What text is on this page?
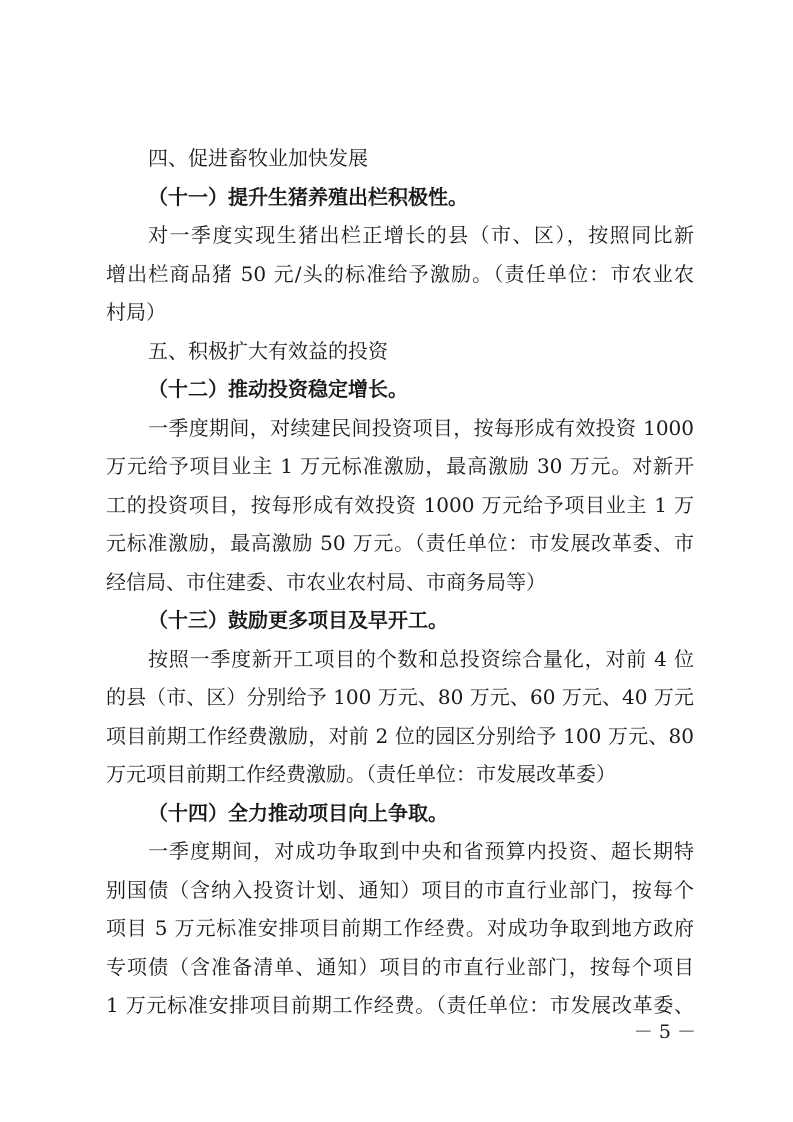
四、促进畜牧业加快发展
（十一）提升生猪养殖出栏积极性。
对一季度实现生猪出栏正增长的县（市、区），按照同比新
增出栏商品猪 50 元/头的标准给予激励。（责任单位：市农业农
村局）
五、积极扩大有效益的投资
（十二）推动投资稳定增长。
一季度期间，对续建民间投资项目，按每形成有效投资 1000
万元给予项目业主 1 万元标准激励，最高激励 30 万元。对新开
工的投资项目，按每形成有效投资 1000 万元给予项目业主 1 万
元标准激励，最高激励 50 万元。（责任单位：市发展改革委、市
经信局、市住建委、市农业农村局、市商务局等）
（十三）鼓励更多项目及早开工。
按照一季度新开工项目的个数和总投资综合量化，对前 4 位
的县（市、区）分别给予 100 万元、80 万元、60 万元、40 万元
项目前期工作经费激励，对前 2 位的园区分别给予 100 万元、80
万元项目前期工作经费激励。（责任单位：市发展改革委）
（十四）全力推动项目向上争取。
一季度期间，对成功争取到中央和省预算内投资、超长期特
别国债（含纳入投资计划、通知）项目的市直行业部门，按每个
项目 5 万元标准安排项目前期工作经费。对成功争取到地方政府
专项债（含准备清单、通知）项目的市直行业部门，按每个项目
1 万元标准安排项目前期工作经费。（责任单位：市发展改革委、
－ 5 －
